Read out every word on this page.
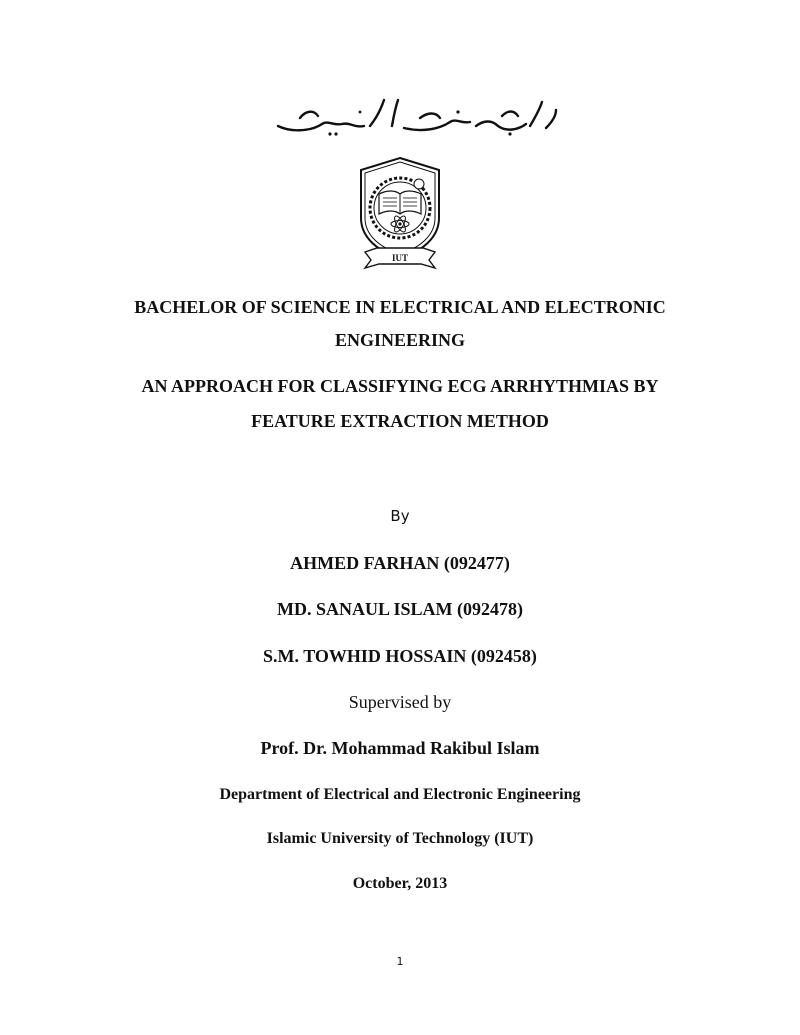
بسم الله الرحمن الرحيم
IUT
BACHELOR OF SCIENCE IN ELECTRICAL AND ELECTRONIC
ENGINEERING
AN APPROACH FOR CLASSIFYING ECG ARRHYTHMIAS BY
FEATURE EXTRACTION METHOD
By
AHMED FARHAN (092477)
MD. SANAUL ISLAM (092478)
S.M. TOWHID HOSSAIN (092458)
Supervised by
Prof. Dr. Mohammad Rakibul Islam
Department of Electrical and Electronic Engineering
Islamic University of Technology (IUT)
October, 2013
1
